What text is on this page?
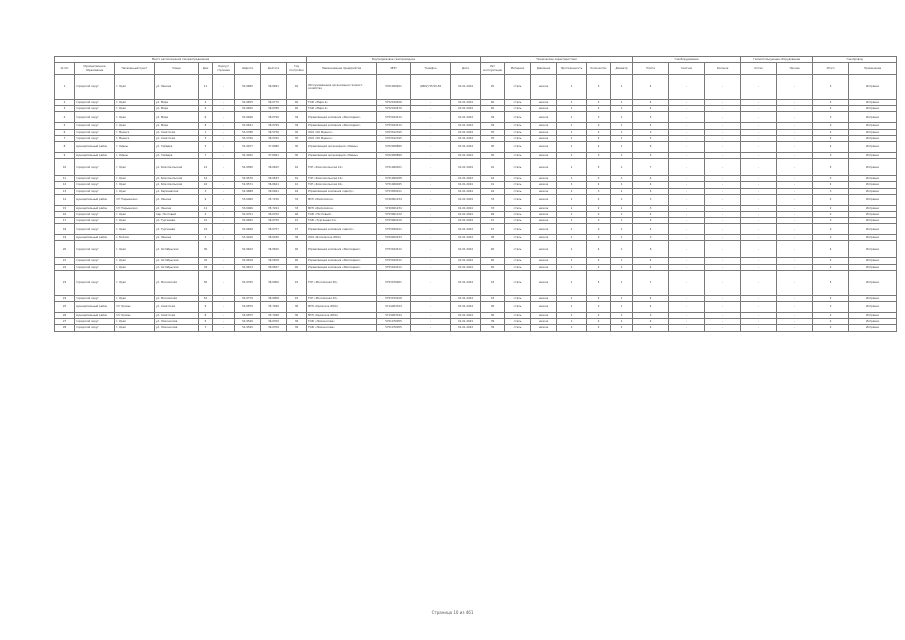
Место расположения газораспределения									Внутридомовое газопроводное				Технические характеристики						Газоборудование			Газоиспользующее оборудование		Газопровод	
№ п/п	Муниципальное образование	Населенный пункт	Улица	Дом	Корпус/строение	Широта	Долгота	Год постройки	Наименование предприятия	ИНН	Телефон	Дата	Лет эксплуатации	Материал	Давление	Протяженность	Количество	Диаметр	Плита	Счетчик	Колонка	Котел	Прочее	Итого	Примечание
1	городской округ	г. Орел	ул. Ленина	11	-	52.9685	36.0691	45	Обслуживающая организация газового хозяйства	5701000921	(4862) 55-50-50	01.01.2024	45	сталь	низкое	1	3	1	4	-	-	-	-	3	Исправно
2	городской округ	г. Орел	ул. Мира	2	-	52.9655	36.0772	40	ТСЖ «Мира 2»	5752010456	-	01.01.2024	40	сталь	низкое	1	2	1	4	-	-	-	-	2	Исправно
3	городской округ	г. Орел	ул. Мира	4	-	52.9650	36.0780	40	ТСЖ «Мира 4»	5752010470	-	01.01.2024	40	сталь	низкое	1	2	1	4	-	-	-	-	2	Исправно
4	городской округ	г. Орел	ул. Мира	6	-	52.9646	36.0790	39	Управляющая компания «Жилсервис»	5753044312	-	01.01.2024	39	сталь	низкое	1	3	1	5	-	-	-	-	3	Исправно
5	городской округ	г. Орел	ул. Мира	8	-	52.9641	36.0799	39	Управляющая компания «Жилсервис»	5753044312	-	01.01.2024	39	сталь	низкое	1	2	1	4	-	-	-	-	2	Исправно
6	городской округ	г. Мценск	ул. Советская	1	-	53.2786	36.5756	35	ООО «УК Мценск»	5703012345	-	01.01.2024	35	сталь	низкое	1	2	1	3	-	-	-	-	2	Исправно
7	городской округ	г. Мценск	ул. Советская	3	-	53.2790	36.5762	35	ООО «УК Мценск»	5703012345	-	01.01.2024	35	сталь	низкое	1	2	1	3	-	-	-	-	2	Исправно
8	муниципальный район	г. Ливны	ул. Гайдара	5	-	52.4257	37.6080	30	Управляющая организация «Ливны»	5702008890	-	01.01.2024	30	сталь	низкое	1	4	1	6	-	-	-	-	4	Исправно
9	муниципальный район	г. Ливны	ул. Гайдара	7	-	52.4262	37.6091	30	Управляющая организация «Ливны»	5702008890	-	01.01.2024	30	сталь	низкое	1	3	1	5	-	-	-	-	3	Исправно
10	городской округ	г. Орел	ул. Комсомольская	12	-	52.9580	36.0625	42	ТСН «Комсомольская 12»	5751060021	-	01.01.2024	42	сталь	низкое	1	5	1	7	-	-	-	-	5	Исправно
11	городской округ	г. Орел	ул. Комсомольская	14	-	52.9576	36.0633	42	ТСН «Комсомольская 14»	5751060038	-	01.01.2024	42	сталь	низкое	1	2	1	4	-	-	-	-	2	Исправно
12	городской округ	г. Орел	ул. Комсомольская	16	-	52.9571	36.0641	41	ТСН «Комсомольская 16»	5751060045	-	01.01.2024	41	сталь	низкое	1	2	1	4	-	-	-	-	2	Исправно
13	городской округ	г. Орел	ул. Карачевская	3	-	52.9688	36.0461	44	Управляющая компания «Центр»	5753050011	-	01.01.2024	44	сталь	низкое	1	3	1	5	-	-	-	-	3	Исправно
14	муниципальный район	пгт Нарышкино	ул. Ленина	9	-	53.0060	35.7230	33	МУП «Жилкомхоз»	5720001234	-	01.01.2024	33	сталь	низкое	1	2	1	3	-	-	-	-	2	Исправно
15	муниципальный район	пгт Нарышкино	ул. Ленина	11	-	53.0066	35.7241	33	МУП «Жилкомхоз»	5720001234	-	01.01.2024	33	сталь	низкое	1	2	1	3	-	-	-	-	2	Исправно
16	городской округ	г. Орел	пер. Почтовый	2	-	52.9701	36.0702	46	ТСЖ «Почтовый»	5753061120	-	01.01.2024	46	сталь	низкое	1	2	1	4	-	-	-	-	2	Исправно
17	городской округ	г. Орел	ул. Тургенева	21	-	52.9695	36.0750	47	ТСЖ «Тургенева 21»	5753062210	-	01.01.2024	47	сталь	низкое	1	3	1	5	-	-	-	-	3	Исправно
18	городской округ	г. Орел	ул. Тургенева	23	-	52.9699	36.0757	47	Управляющая компания «Центр»	5753050011	-	01.01.2024	47	сталь	низкое	1	2	1	4	-	-	-	-	2	Исправно
19	муниципальный район	с. Болхов	ул. Ленина	4	-	53.4420	36.0030	38	ООО «Болховское ЖКХ»	5704002233	-	01.01.2024	38	сталь	низкое	1	2	1	3	-	-	-	-	2	Исправно
20	городской округ	г. Орел	ул. Октябрьская	30	-	52.9622	36.0810	40	Управляющая компания «Жилсервис»	5753044312	-	01.01.2024	40	сталь	низкое	1	4	1	6	-	-	-	-	4	Исправно
21	городской округ	г. Орел	ул. Октябрьская	32	-	52.9618	36.0818	40	Управляющая компания «Жилсервис»	5753044312	-	01.01.2024	40	сталь	низкое	1	2	1	4	-	-	-	-	2	Исправно
22	городской округ	г. Орел	ул. Октябрьская	34	-	52.9613	36.0827	40	Управляющая компания «Жилсервис»	5753044312	-	01.01.2024	40	сталь	низкое	1	2	1	4	-	-	-	-	2	Исправно
23	городской округ	г. Орел	ул. Московская	50	-	52.9765	36.0900	43	ТСН «Московская 50»	5753070001	-	01.01.2024	43	сталь	низкое	1	5	1	7	-	-	-	-	5	Исправно
24	городской округ	г. Орел	ул. Московская	52	-	52.9770	36.0908	43	ТСН «Московская 52»	5753070018	-	01.01.2024	43	сталь	низкое	1	2	1	4	-	-	-	-	2	Исправно
25	муниципальный район	пгт Кромы	ул. Советская	6	-	52.6870	35.7940	36	МУП «Кромское ЖКХ»	5714003344	-	01.01.2024	36	сталь	низкое	1	3	1	4	-	-	-	-	3	Исправно
26	муниципальный район	пгт Кромы	ул. Советская	8	-	52.6875	35.7948	36	МУП «Кромское ЖКХ»	5714003344	-	01.01.2024	36	сталь	низкое	1	2	1	3	-	-	-	-	2	Исправно
27	городской округ	г. Орел	ул. Ломоносова	5	-	52.9540	36.0700	39	ТСЖ «Ломоносова»	5751070055	-	01.01.2024	39	сталь	низкое	1	2	1	4	-	-	-	-	2	Исправно
28	городской округ	г. Орел	ул. Ломоносова	7	-	52.9545	36.0709	39	ТСЖ «Ломоносова»	5751070055	-	01.01.2024	39	сталь	низкое	1	2	1	4	-	-	-	-	2	Исправно
Страница 10 из 461
